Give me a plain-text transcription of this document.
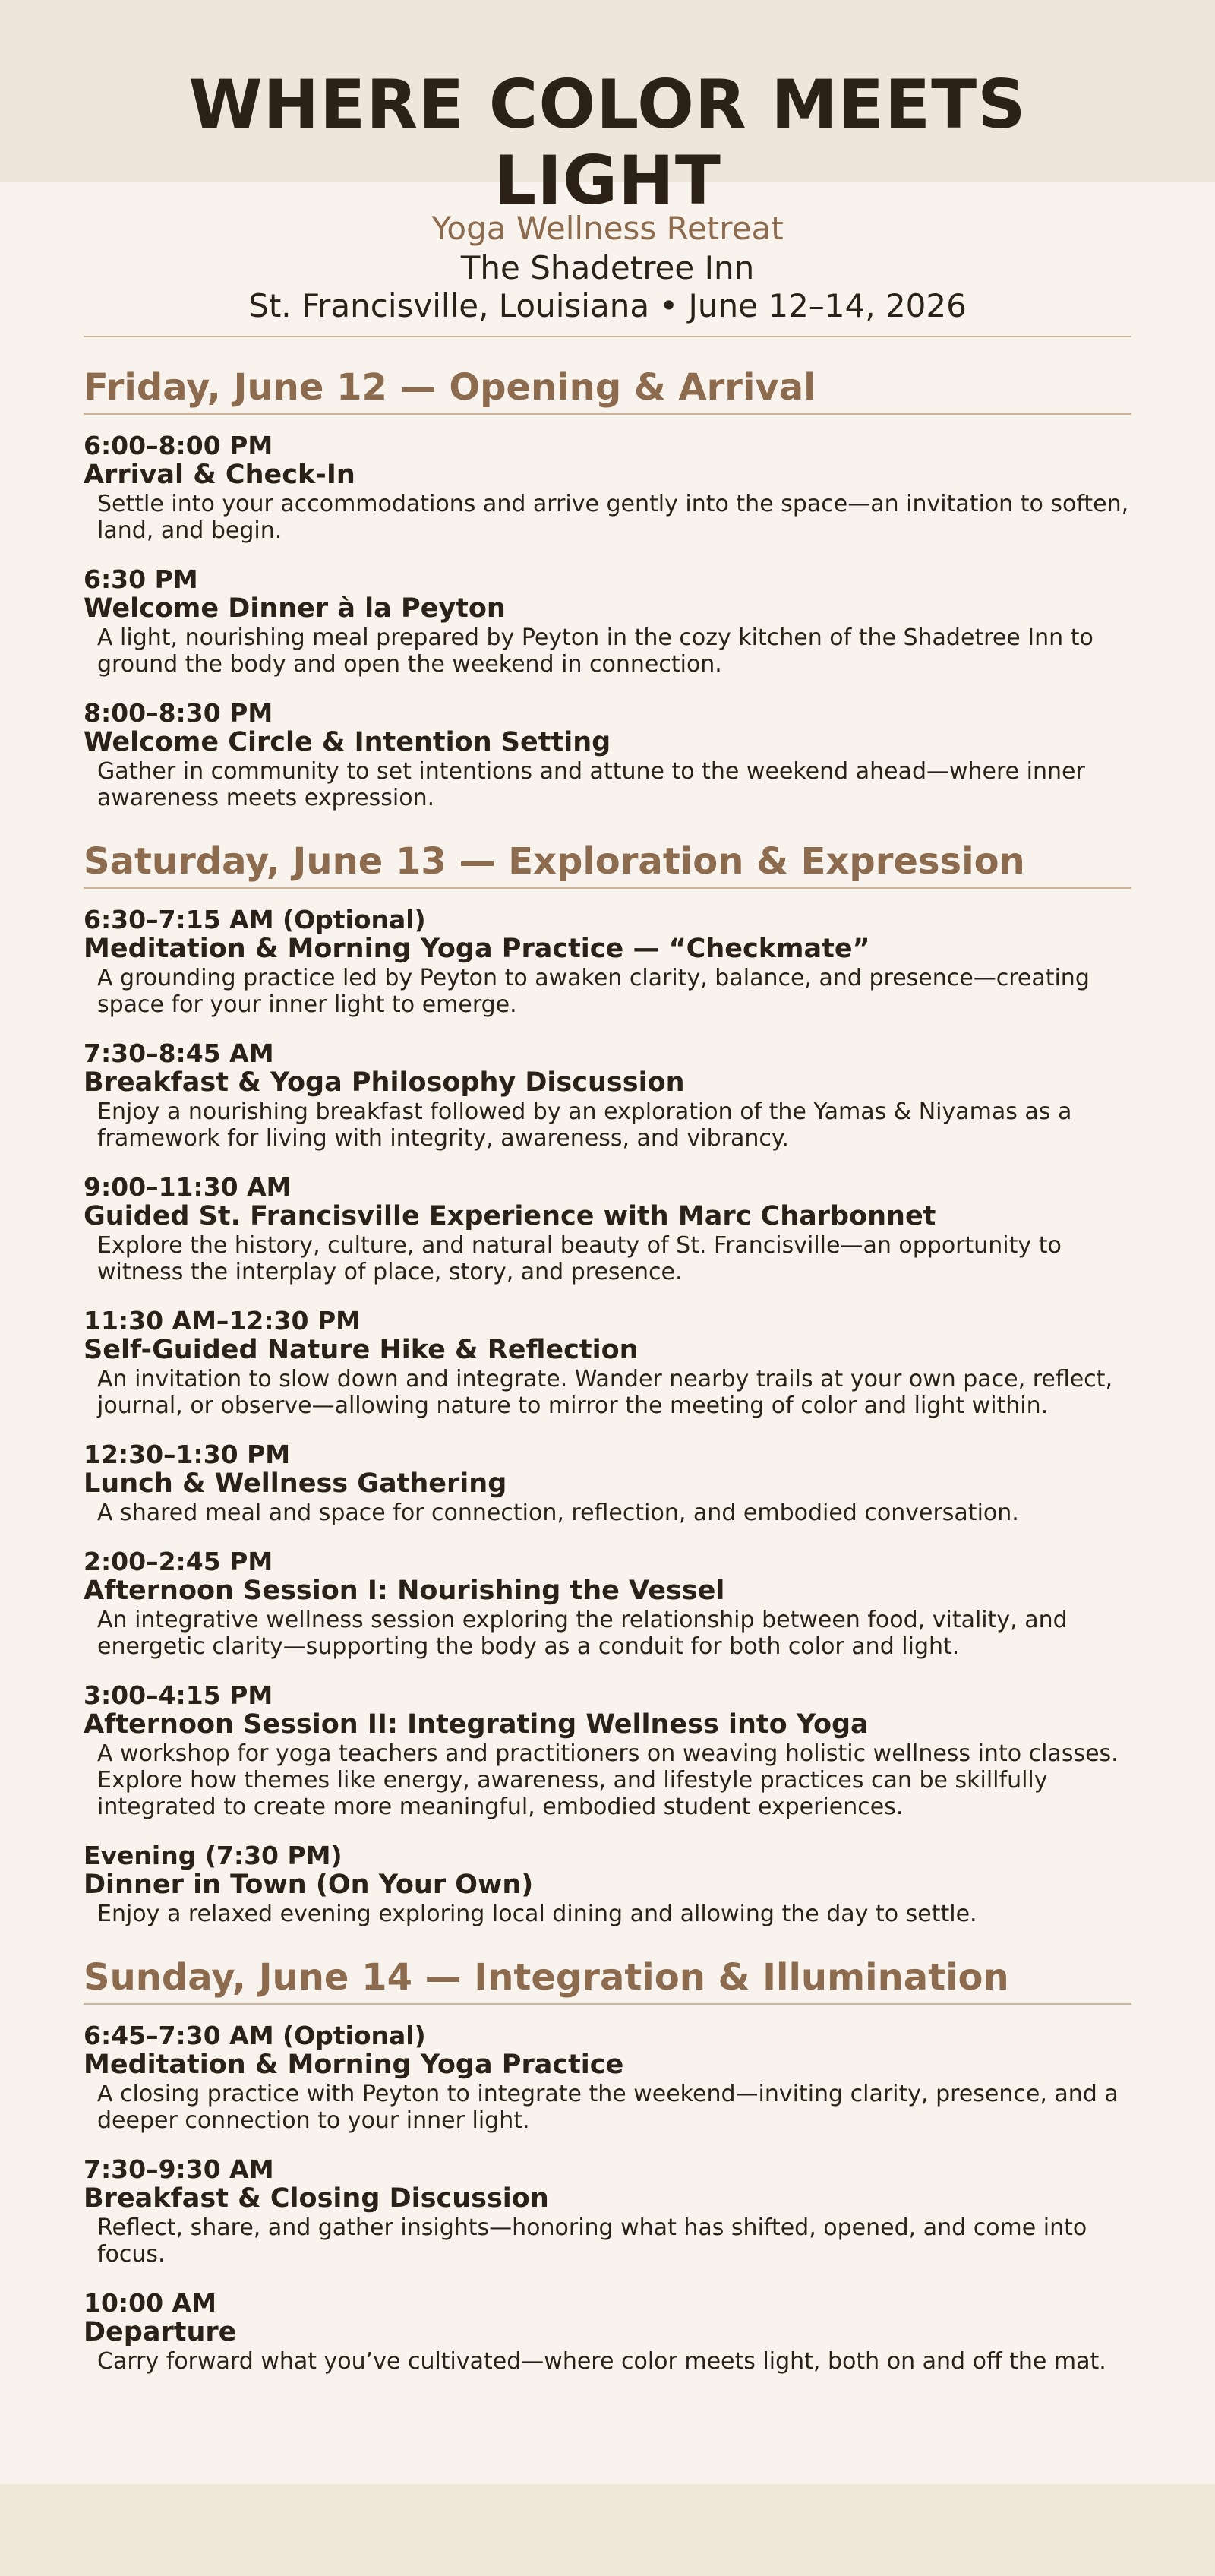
WHERE COLOR MEETS LIGHT
Yoga Wellness Retreat
The Shadetree Inn
St. Francisville, Louisiana • June 12–14, 2026
Friday, June 12 — Opening & Arrival
6:00–8:00 PM
Arrival & Check-In
Settle into your accommodations and arrive gently into the space—an invitation to soften, land, and begin.
6:30 PM
Welcome Dinner à la Peyton
A light, nourishing meal prepared by Peyton in the cozy kitchen of the Shadetree Inn to ground the body and open the weekend in connection.
8:00–8:30 PM
Welcome Circle & Intention Setting
Gather in community to set intentions and attune to the weekend ahead—where inner awareness meets expression.
Saturday, June 13 — Exploration & Expression
6:30–7:15 AM (Optional)
Meditation & Morning Yoga Practice — “Checkmate”
A grounding practice led by Peyton to awaken clarity, balance, and presence—creating space for your inner light to emerge.
7:30–8:45 AM
Breakfast & Yoga Philosophy Discussion
Enjoy a nourishing breakfast followed by an exploration of the Yamas & Niyamas as a framework for living with integrity, awareness, and vibrancy.
9:00–11:30 AM
Guided St. Francisville Experience with Marc Charbonnet
Explore the history, culture, and natural beauty of St. Francisville—an opportunity to witness the interplay of place, story, and presence.
11:30 AM–12:30 PM
Self-Guided Nature Hike & Reflection
An invitation to slow down and integrate. Wander nearby trails at your own pace, reflect, journal, or observe—allowing nature to mirror the meeting of color and light within.
12:30–1:30 PM
Lunch & Wellness Gathering
A shared meal and space for connection, reflection, and embodied conversation.
2:00–2:45 PM
Afternoon Session I: Nourishing the Vessel
An integrative wellness session exploring the relationship between food, vitality, and energetic clarity—supporting the body as a conduit for both color and light.
3:00–4:15 PM
Afternoon Session II: Integrating Wellness into Yoga
A workshop for yoga teachers and practitioners on weaving holistic wellness into classes. Explore how themes like energy, awareness, and lifestyle practices can be skillfully integrated to create more meaningful, embodied student experiences.
Evening (7:30 PM)
Dinner in Town (On Your Own)
Enjoy a relaxed evening exploring local dining and allowing the day to settle.
Sunday, June 14 — Integration & Illumination
6:45–7:30 AM (Optional)
Meditation & Morning Yoga Practice
A closing practice with Peyton to integrate the weekend—inviting clarity, presence, and a deeper connection to your inner light.
7:30–9:30 AM
Breakfast & Closing Discussion
Reflect, share, and gather insights—honoring what has shifted, opened, and come into focus.
10:00 AM
Departure
Carry forward what you’ve cultivated—where color meets light, both on and off the mat.
